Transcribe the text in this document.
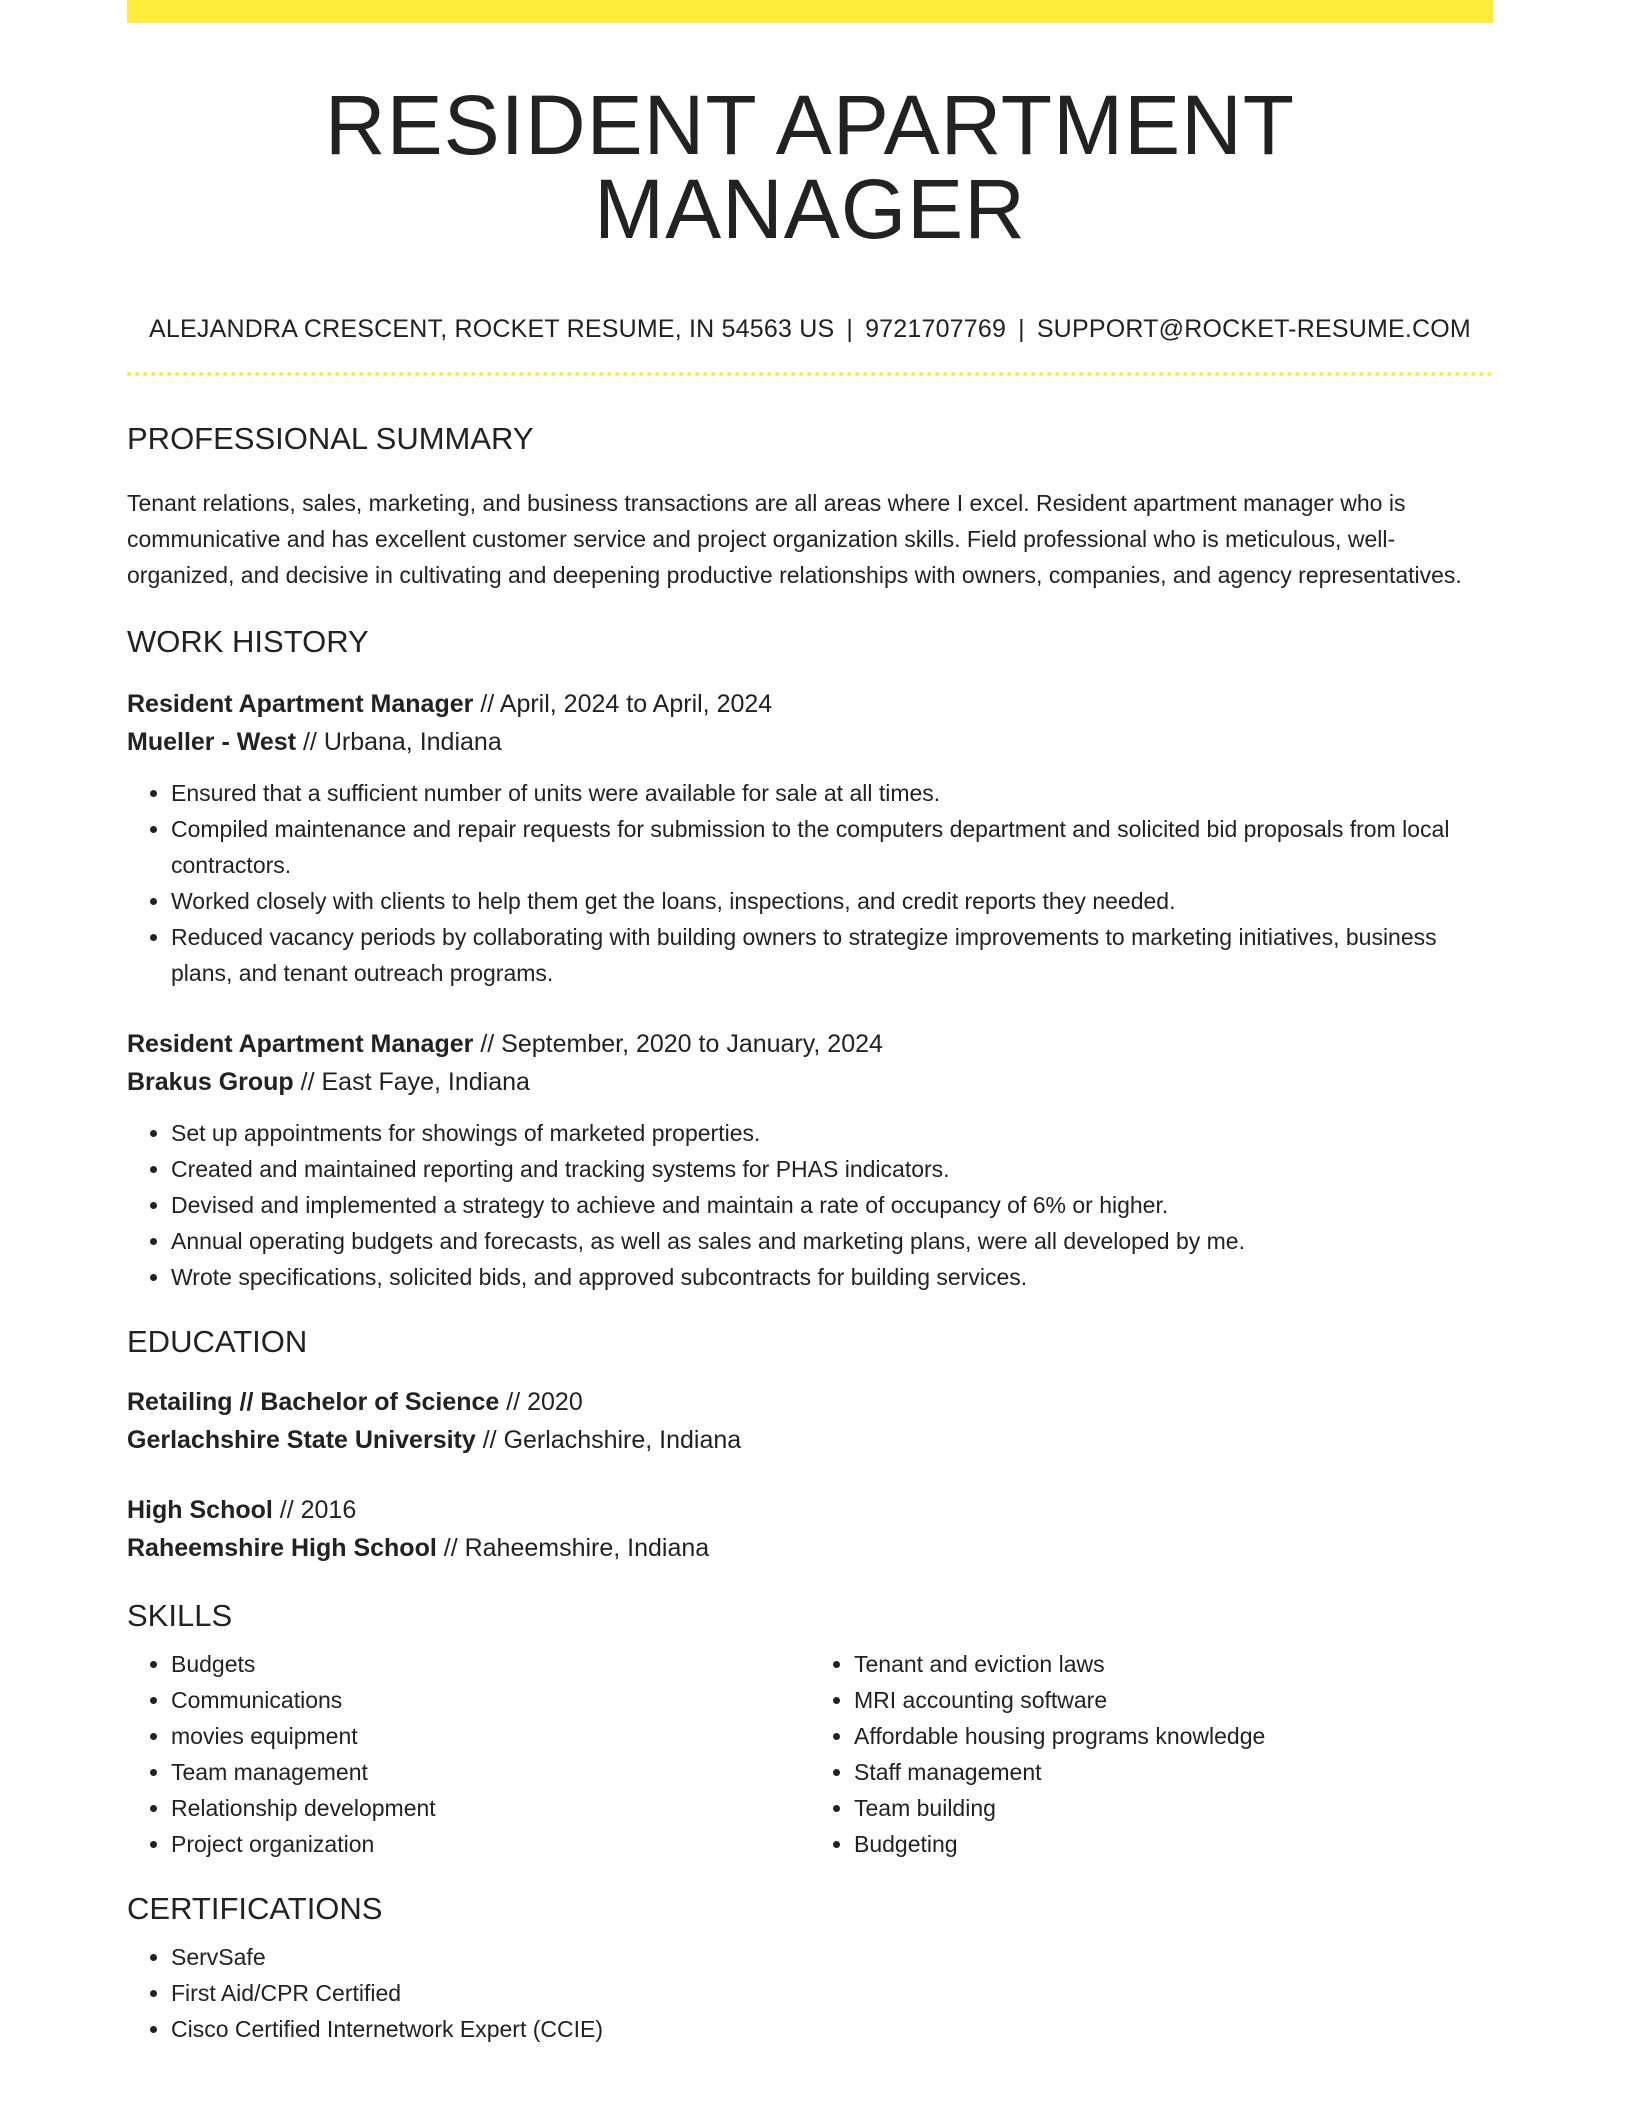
RESIDENT APARTMENT MANAGER
ALEJANDRA CRESCENT, ROCKET RESUME, IN 54563 US | 9721707769 | SUPPORT@ROCKET-RESUME.COM
PROFESSIONAL SUMMARY

Tenant relations, sales, marketing, and business transactions are all areas where I excel. Resident apartment manager who is communicative and has excellent customer service and project organization skills. Field professional who is meticulous, well-organized, and decisive in cultivating and deepening productive relationships with owners, companies, and agency representatives.

WORK HISTORY
Resident Apartment Manager // April, 2024 to April, 2024
Mueller - West // Urbana, Indiana
• Ensured that a sufficient number of units were available for sale at all times.
• Compiled maintenance and repair requests for submission to the computers department and solicited bid proposals from local contractors.
• Worked closely with clients to help them get the loans, inspections, and credit reports they needed.
• Reduced vacancy periods by collaborating with building owners to strategize improvements to marketing initiatives, business plans, and tenant outreach programs.
Resident Apartment Manager // September, 2020 to January, 2024
Brakus Group // East Faye, Indiana
• Set up appointments for showings of marketed properties.
• Created and maintained reporting and tracking systems for PHAS indicators.
• Devised and implemented a strategy to achieve and maintain a rate of occupancy of 6% or higher.
• Annual operating budgets and forecasts, as well as sales and marketing plans, were all developed by me.
• Wrote specifications, solicited bids, and approved subcontracts for building services.
EDUCATION
Retailing // Bachelor of Science // 2020
Gerlachshire State University // Gerlachshire, Indiana
High School // 2016
Raheemshire High School // Raheemshire, Indiana
SKILLS
• Budgets
• Communications
• movies equipment
• Team management
• Relationship development
• Project organization
• Tenant and eviction laws
• MRI accounting software
• Affordable housing programs knowledge
• Staff management
• Team building
• Budgeting
CERTIFICATIONS
• ServSafe
• First Aid/CPR Certified
• Cisco Certified Internetwork Expert (CCIE)
